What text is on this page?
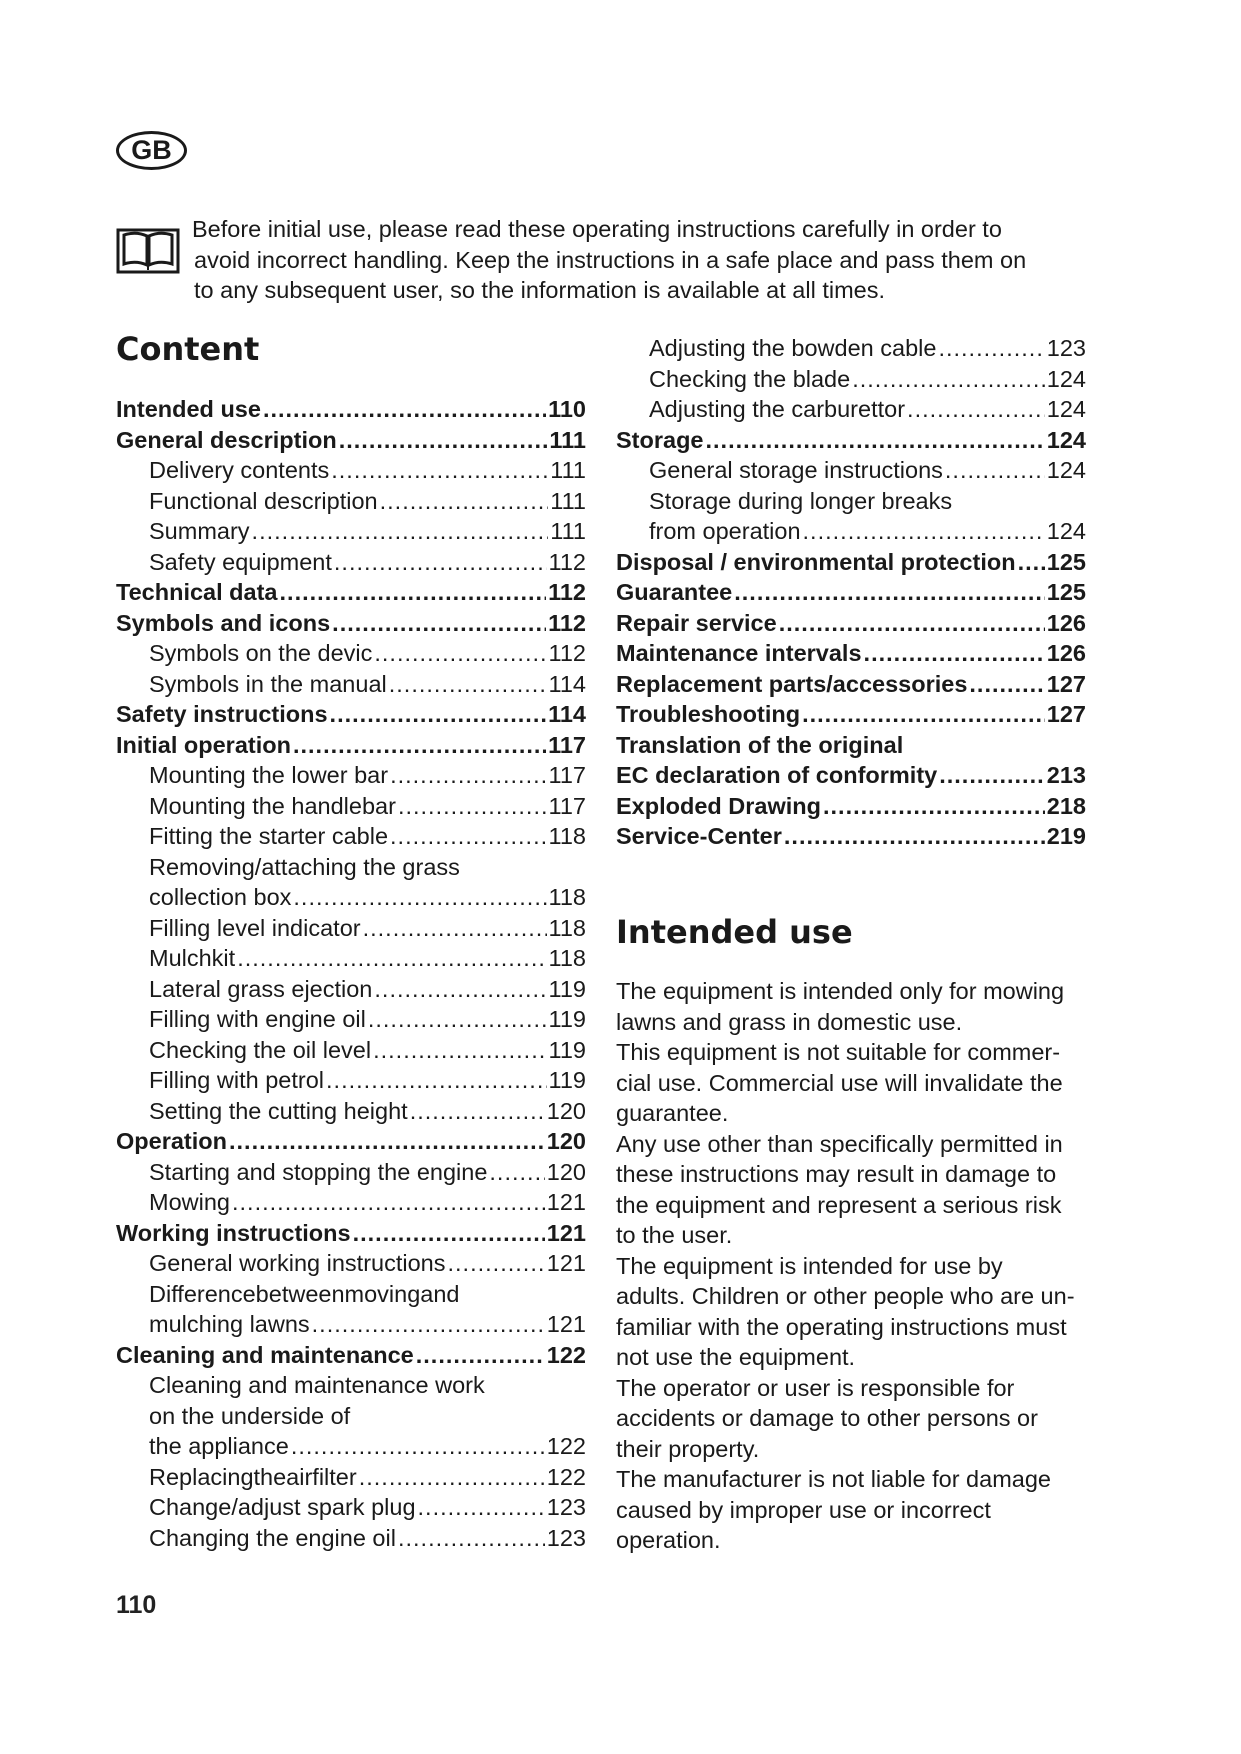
GB
Before initial use, please read these operating instructions carefully in order to
avoid incorrect handling. Keep the instructions in a safe place and pass them on
to any subsequent user, so the information is available at all times.
Content
Intended use .....	110
General description .....	111
Delivery contents .....	111
Functional description .....	111
Summary .....	111
Safety equipment .....	112
Technical data .....	112
Symbols and icons .....	112
Symbols on the devic .....	112
Symbols in the manual .....	114
Safety instructions .....	114
Initial operation .....	117
Mounting the lower bar .....	117
Mounting the handlebar .....	117
Fitting the starter cable .....	118
Removing/attaching the grass
collection box .....	118
Filling level indicator .....	118
Mulchkit .....	118
Lateral grass ejection .....	119
Filling with engine oil .....	119
Checking the oil level .....	119
Filling with petrol .....	119
Setting the cutting height .....	120
Operation .....	120
Starting and stopping the engine .....	120
Mowing .....	121
Working instructions .....	121
General working instructions .....	121
Differencebetweenmovingand
mulching lawns .....	121
Cleaning and maintenance .....	122
Cleaning and maintenance work
on the underside of
the appliance .....	122
Replacingtheairfilter .....	122
Change/adjust spark plug .....	123
Changing the engine oil .....	123
Adjusting the bowden cable .....	123
Checking the blade .....	124
Adjusting the carburettor .....	124
Storage .....	124
General storage instructions .....	124
Storage during longer breaks
from operation .....	124
Disposal / environmental protection ..... 125
Guarantee .....	125
Repair service .....	126
Maintenance intervals .....	126
Replacement parts/accessories .....	127
Troubleshooting .....	127
Translation of the original
EC declaration of conformity .....	213
Exploded Drawing .....	218
Service-Center .....	219
Intended use
The equipment is intended only for mowing
lawns and grass in domestic use.
This equipment is not suitable for commer-
cial use. Commercial use will invalidate the
guarantee.
Any use other than specifically permitted in
these instructions may result in damage to
the equipment and represent a serious risk
to the user.
The equipment is intended for use by
adults. Children or other people who are un-
familiar with the operating instructions must
not use the equipment.
The operator or user is responsible for
accidents or damage to other persons or
their property.
The manufacturer is not liable for damage
caused by improper use or incorrect
operation.
110
